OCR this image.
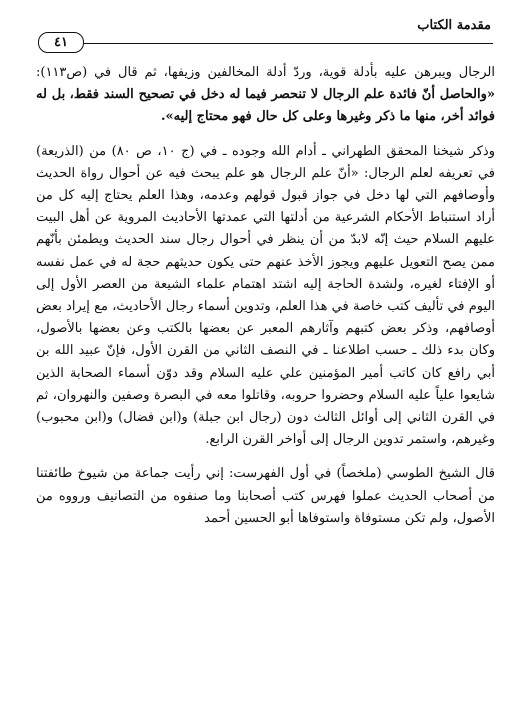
مقدمة الكتاب
٤١

الرجال ويبرهن عليه بأدلة قوية، وردّ أدلة المخالفين وزيفها، ثم قال في (ص١١٣): «والحاصل أنّ فائدة علم الرجال لا تنحصر فيما له دخل في تصحيح السند فقط، بل له فوائد أخر، منها ما ذكر وغيرها وعلى كل حال فهو محتاج إليه».

وذكر شيخنا المحقق الطهراني ـ أدام الله وجوده ـ في (ج ١٠، ص ٨٠) من (الذريعة) في تعريفه لعلم الرجال: «أنّ علم الرجال هو علم يبحث فيه عن أحوال رواة الحديث وأوصافهم التي لها دخل في جواز قبول قولهم وعدمه، وهذا العلم يحتاج إليه كل من أراد استنباط الأحكام الشرعية من أدلتها التي عمدتها الأحاديث المروية عن أهل البيت عليهم السلام حيث إنّه لابدّ من أن ينظر في أحوال رجال سند الحديث ويطمئن بأنّهم ممن يصح التعويل عليهم ويجوز الأخذ عنهم حتى يكون حديثهم حجة له في عمل نفسه أو الإفتاء لغيره، ولشدة الحاجة إليه اشتد اهتمام علماء الشيعة من العصر الأول إلى اليوم في تأليف كتب خاصة في هذا العلم، وتدوين أسماء رجال الأحاديث، مع إيراد بعض أوصافهم، وذكر بعض كتبهم وآثارهم المعبر عن بعضها بالكتب وعن بعضها بالأصول، وكان بدء ذلك ـ حسب اطلاعنا ـ في النصف الثاني من القرن الأول، فإنّ عبيد الله بن أبي رافع كان كاتب أمير المؤمنين علي عليه السلام وقد دوّن أسماء الصحابة الذين شايعوا علياً عليه السلام وحضروا حروبه، وقاتلوا معه في البصرة وصفين والنهروان، ثم في القرن الثاني إلى أوائل الثالث دون (رجال ابن جبلة) و(ابن فضال) و(ابن محبوب) وغيرهم، واستمر تدوين الرجال إلى أواخر القرن الرابع.

قال الشيخ الطوسي (ملخصاً) في أول الفهرست: إني رأيت جماعة من شيوخ طائفتنا من أصحاب الحديث عملوا فهرس كتب أصحابنا وما صنفوه من التصانيف ورووه من الأصول، ولم تكن مستوفاة واستوفاها أبو الحسين أحمد
